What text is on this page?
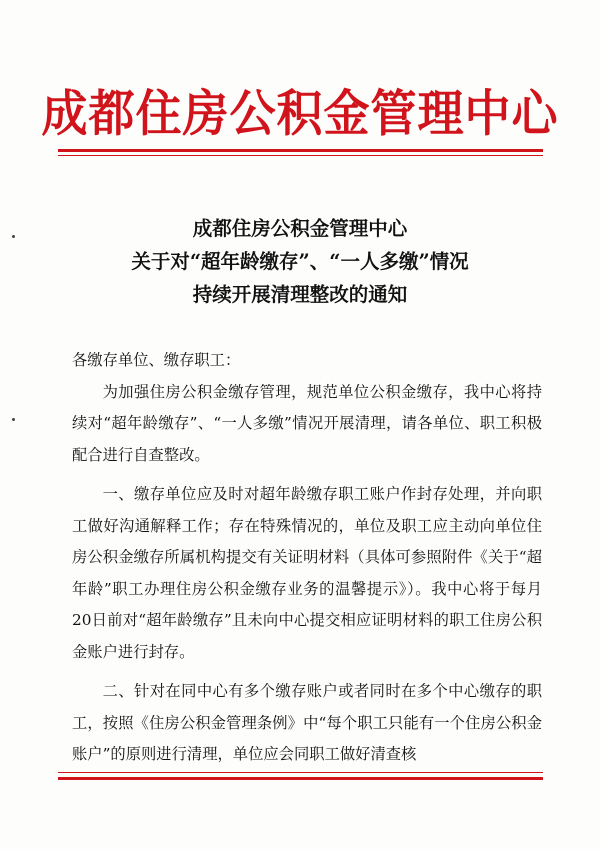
成都住房公积金管理中心
成都住房公积金管理中心
关于对“超年龄缴存”、“一人多缴”情况
持续开展清理整改的通知

各缴存单位、缴存职工：

为加强住房公积金缴存管理，规范单位公积金缴存，我中心将持续对“超年龄缴存”、“一人多缴”情况开展清理，请各单位、职工积极配合进行自查整改。

一、缴存单位应及时对超年龄缴存职工账户作封存处理，并向职工做好沟通解释工作；存在特殊情况的，单位及职工应主动向单位住房公积金缴存所属机构提交有关证明材料（具体可参照附件《关于“超年龄”职工办理住房公积金缴存业务的温馨提示》）。我中心将于每月20日前对“超年龄缴存”且未向中心提交相应证明材料的职工住房公积金账户进行封存。

二、针对在同中心有多个缴存账户或者同时在多个中心缴存的职工，按照《住房公积金管理条例》中“每个职工只能有一个住房公积金账户”的原则进行清理，单位应会同职工做好清查核
